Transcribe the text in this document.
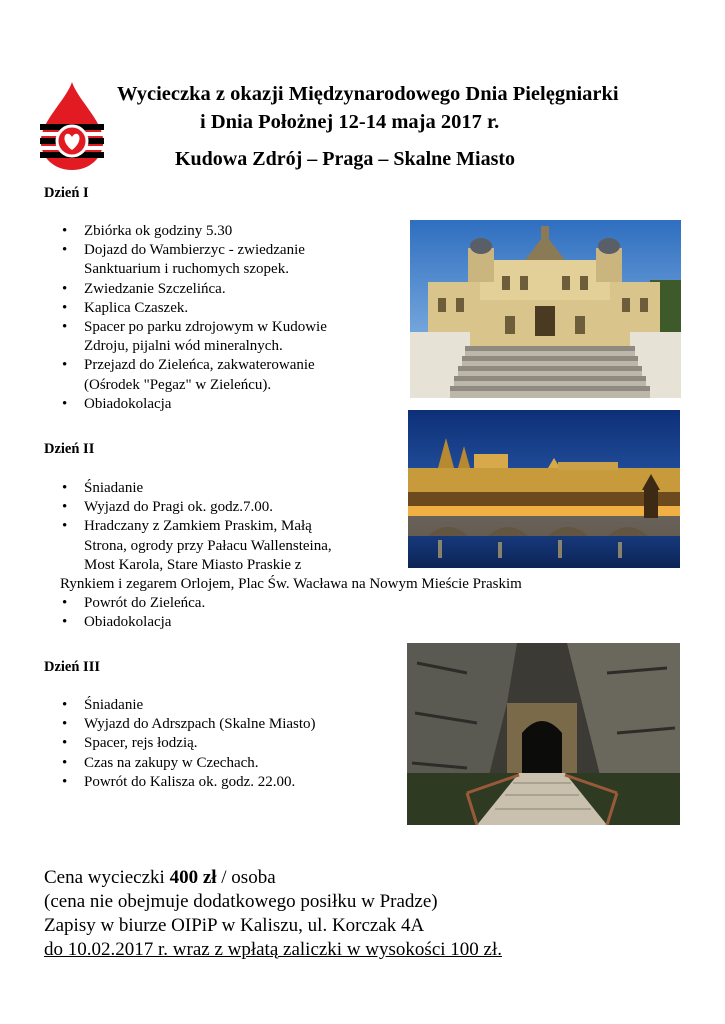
Wycieczka z okazji Międzynarodowego Dnia Pielęgniarki
i Dnia Położnej 12-14 maja 2017 r.
Kudowa Zdrój – Praga – Skalne Miasto
Dzień I
• Zbiórka ok godziny 5.30
• Dojazd do Wambierzyc - zwiedzanie
Sanktuarium i ruchomych szopek.
• Zwiedzanie Szczelińca.
• Kaplica Czaszek.
• Spacer po parku zdrojowym w Kudowie
Zdroju, pijalni wód mineralnych.
• Przejazd do Zieleńca, zakwaterowanie
(Ośrodek "Pegaz" w Zieleńcu).
• Obiadokolacja
Dzień II
• Śniadanie
• Wyjazd do Pragi ok. godz.7.00.
• Hradczany z Zamkiem Praskim, Małą
Strona, ogrody przy Pałacu Wallensteina,
Most Karola, Stare Miasto Praskie z
Rynkiem i zegarem Orlojem, Plac Św. Wacława na Nowym Mieście Praskim
• Powrót do Zieleńca.
• Obiadokolacja
Dzień III
• Śniadanie
• Wyjazd do Adrszpach (Skalne Miasto)
• Spacer, rejs łodzią.
• Czas na zakupy w Czechach.
• Powrót do Kalisza ok. godz. 22.00.
Cena wycieczki 400 zł / osoba
(cena nie obejmuje dodatkowego posiłku w Pradze)
Zapisy w biurze OIPiP w Kaliszu, ul. Korczak 4A
do 10.02.2017 r. wraz z wpłatą zaliczki w wysokości 100 zł.
